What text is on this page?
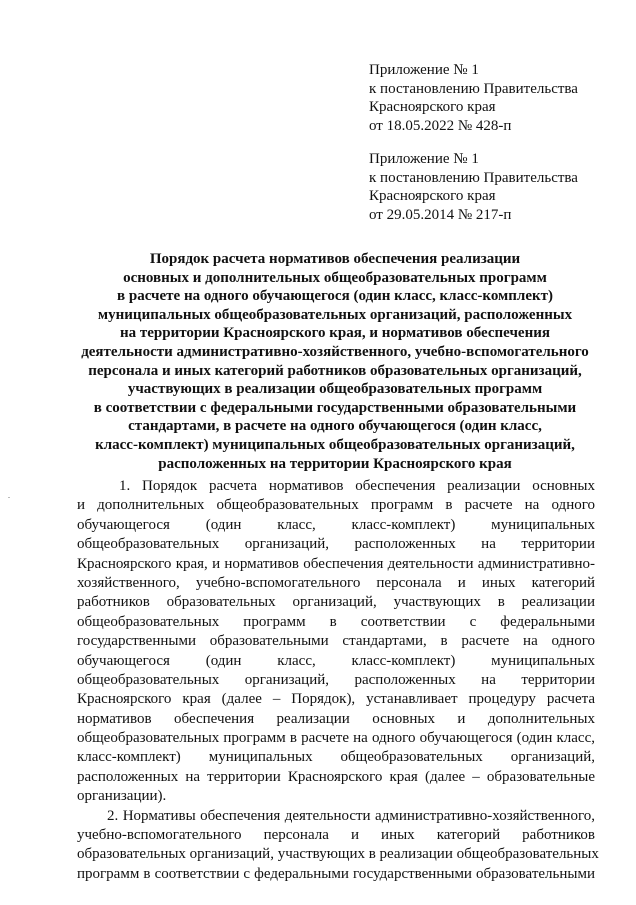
Приложение № 1
к постановлению Правительства
Красноярского края
от 18.05.2022 № 428-п
Приложение № 1
к постановлению Правительства
Красноярского края
от 29.05.2014 № 217-п
Порядок расчета нормативов обеспечения реализации
основных и дополнительных общеобразовательных программ
в расчете на одного обучающегося (один класс, класс-комплект)
муниципальных общеобразовательных организаций, расположенных
на территории Красноярского края, и нормативов обеспечения
деятельности административно-хозяйственного, учебно-вспомогательного
персонала и иных категорий работников образовательных организаций,
участвующих в реализации общеобразовательных программ
в соответствии с федеральными государственными образовательными
стандартами, в расчете на одного обучающегося (один класс,
класс-комплект) муниципальных общеобразовательных организаций,
расположенных на территории Красноярского края
1. Порядок расчета нормативов обеспечения реализации основных
и дополнительных общеобразовательных программ в расчете на одного
обучающегося (один класс, класс-комплект) муниципальных
общеобразовательных организаций, расположенных на территории
Красноярского края, и нормативов обеспечения деятельности административно-
хозяйственного, учебно-вспомогательного персонала и иных категорий
работников образовательных организаций, участвующих в реализации
общеобразовательных программ в соответствии с федеральными
государственными образовательными стандартами, в расчете на одного
обучающегося (один класс, класс-комплект) муниципальных
общеобразовательных организаций, расположенных на территории
Красноярского края (далее – Порядок), устанавливает процедуру расчета
нормативов обеспечения реализации основных и дополнительных
общеобразовательных программ в расчете на одного обучающегося (один класс,
класс-комплект) муниципальных общеобразовательных организаций,
расположенных на территории Красноярского края (далее – образовательные
организации).
2. Нормативы обеспечения деятельности административно-хозяйственного,
учебно-вспомогательного персонала и иных категорий работников
образовательных организаций, участвующих в реализации общеобразовательных
программ в соответствии с федеральными государственными образовательными
